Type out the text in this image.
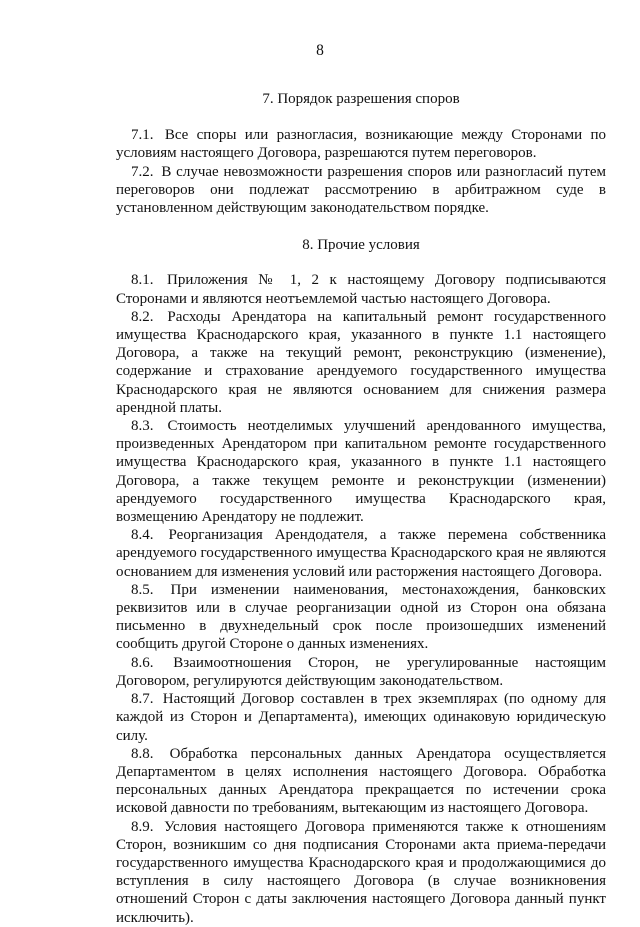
8

7. Порядок разрешения споров

7.1. Все споры или разногласия, возникающие между Сторонами по условиям настоящего Договора, разрешаются путем переговоров.

7.2. В случае невозможности разрешения споров или разногласий путем переговоров они подлежат рассмотрению в арбитражном суде в установленном действующим законодательством порядке.

8. Прочие условия

8.1. Приложения № 1, 2 к настоящему Договору подписываются Сторонами и являются неотъемлемой частью настоящего Договора.

8.2. Расходы Арендатора на капитальный ремонт государственного имущества Краснодарского края, указанного в пункте 1.1 настоящего Договора, а также на текущий ремонт, реконструкцию (изменение), содержание и страхование арендуемого государственного имущества Краснодарского края не являются основанием для снижения размера арендной платы.

8.3. Стоимость неотделимых улучшений арендованного имущества, произведенных Арендатором при капитальном ремонте государственного имущества Краснодарского края, указанного в пункте 1.1 настоящего Договора, а также текущем ремонте и реконструкции (изменении) арендуемого государственного имущества Краснодарского края, возмещению Арендатору не подлежит.

8.4. Реорганизация Арендодателя, а также перемена собственника арендуемого государственного имущества Краснодарского края не являются основанием для изменения условий или расторжения настоящего Договора.

8.5. При изменении наименования, местонахождения, банковских реквизитов или в случае реорганизации одной из Сторон она обязана письменно в двухнедельный срок после произошедших изменений сообщить другой Стороне о данных изменениях.

8.6. Взаимоотношения Сторон, не урегулированные настоящим Договором, регулируются действующим законодательством.

8.7. Настоящий Договор составлен в трех экземплярах (по одному для каждой из Сторон и Департамента), имеющих одинаковую юридическую силу.

8.8. Обработка персональных данных Арендатора осуществляется Департаментом в целях исполнения настоящего Договора. Обработка персональных данных Арендатора прекращается по истечении срока исковой давности по требованиям, вытекающим из настоящего Договора.

8.9. Условия настоящего Договора применяются также к отношениям Сторон, возникшим со дня подписания Сторонами акта приема-передачи государственного имущества Краснодарского края и продолжающимися до вступления в силу настоящего Договора (в случае возникновения отношений Сторон с даты заключения настоящего Договора данный пункт исключить).
